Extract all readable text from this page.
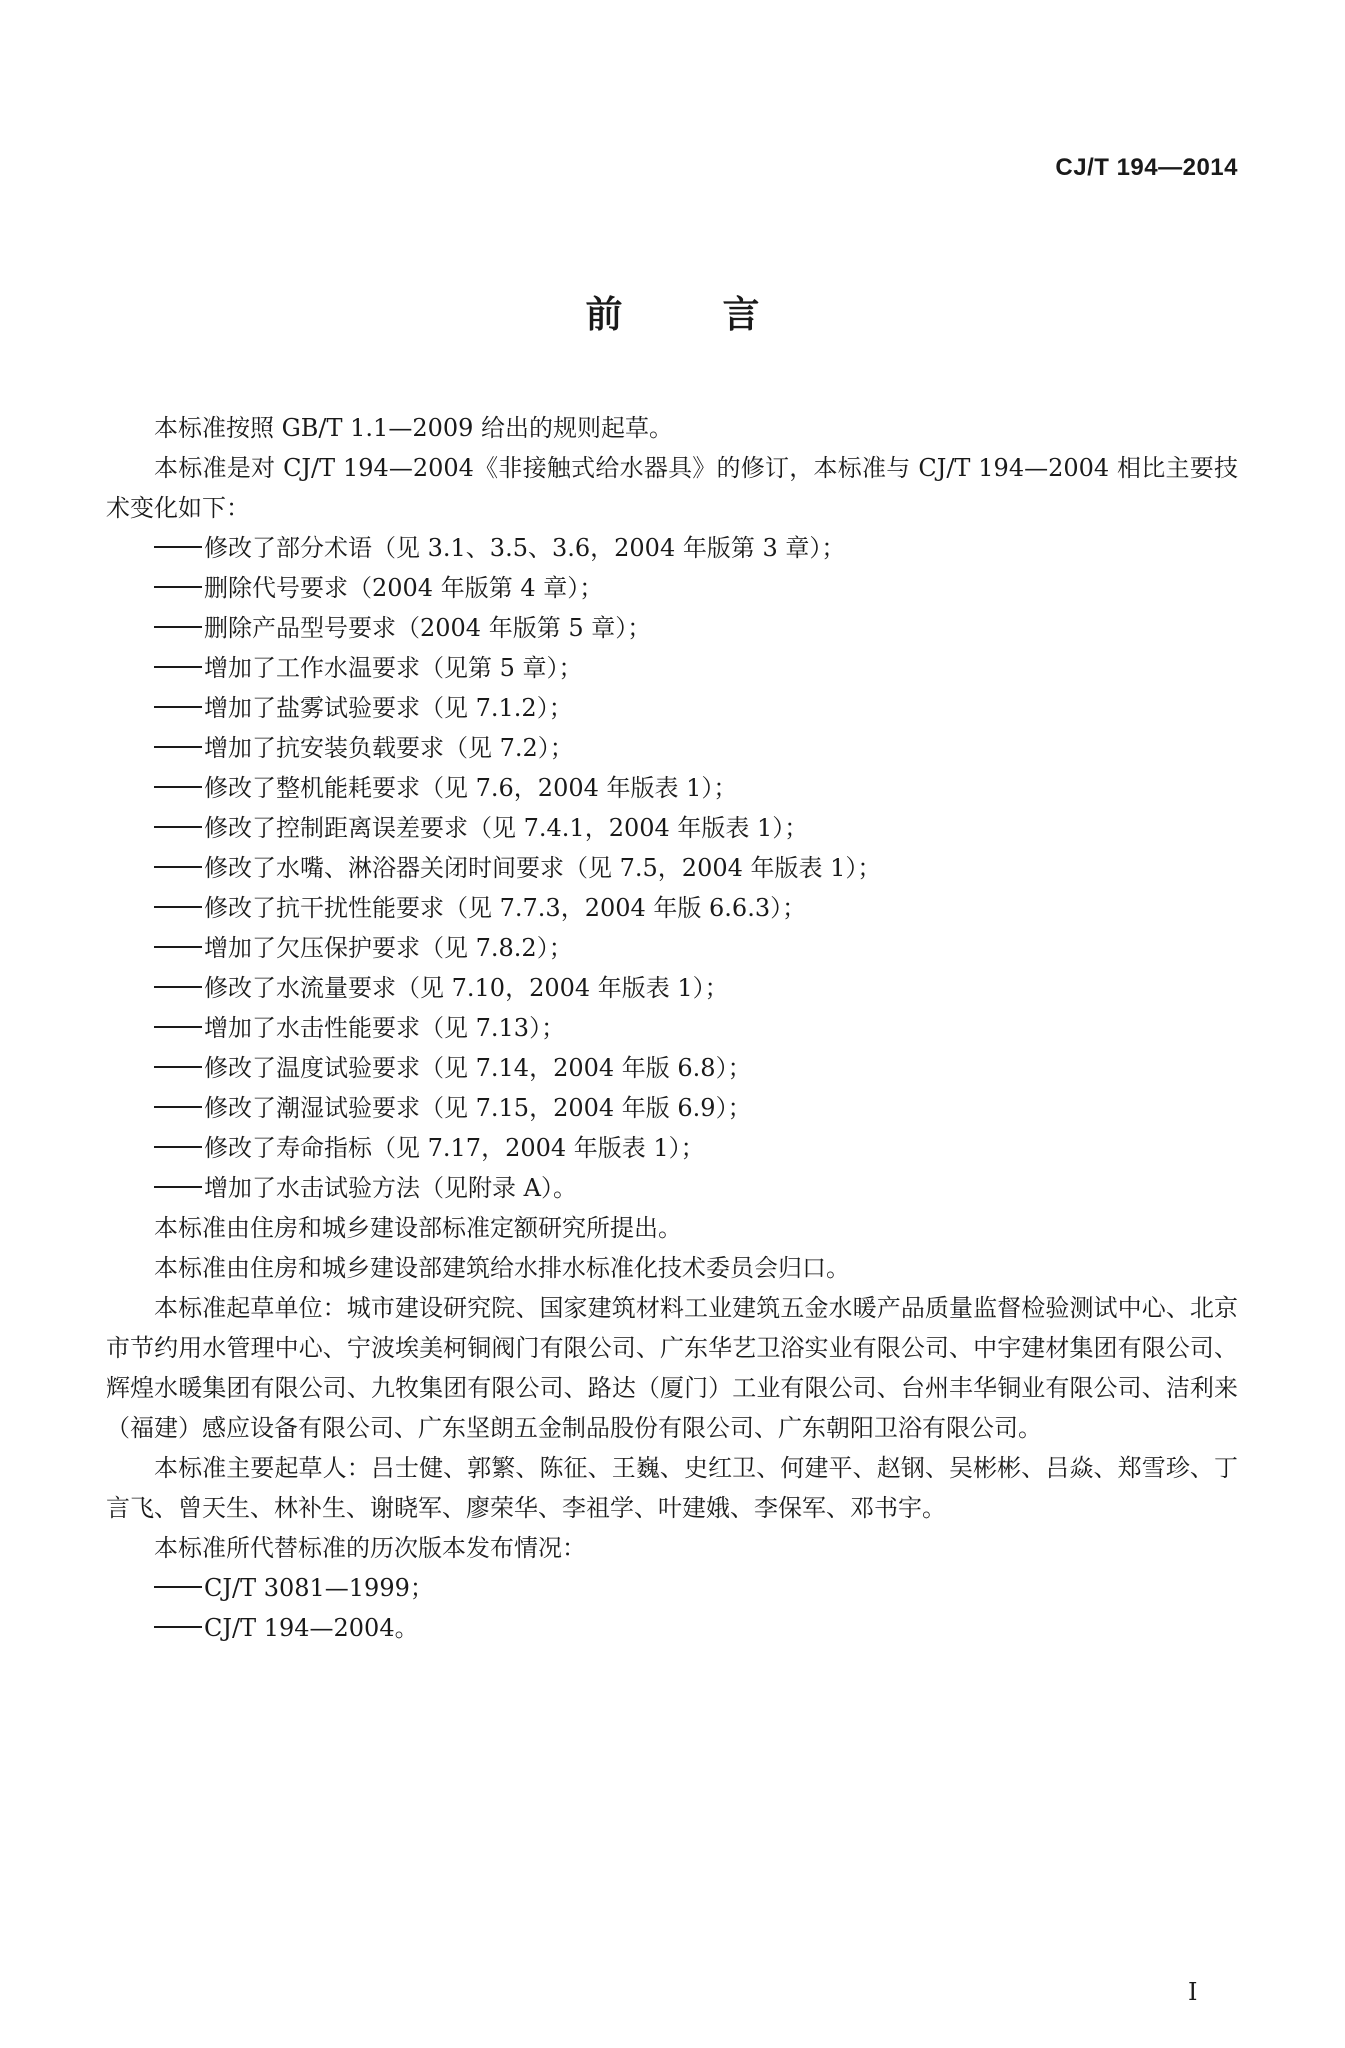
CJ/T 194—2014
前言

本标准按照 GB/T 1.1—2009 给出的规则起草。

本标准是对 CJ/T 194—2004《非接触式给水器具》的修订，本标准与 CJ/T 194—2004 相比主要技术变化如下：

修改了部分术语（见 3.1、3.5、3.6，2004 年版第 3 章）；

删除代号要求（2004 年版第 4 章）；

删除产品型号要求（2004 年版第 5 章）；

增加了工作水温要求（见第 5 章）；

增加了盐雾试验要求（见 7.1.2）；

增加了抗安装负载要求（见 7.2）；

修改了整机能耗要求（见 7.6，2004 年版表 1）；

修改了控制距离误差要求（见 7.4.1，2004 年版表 1）；

修改了水嘴、淋浴器关闭时间要求（见 7.5，2004 年版表 1）；

修改了抗干扰性能要求（见 7.7.3，2004 年版 6.6.3）；

增加了欠压保护要求（见 7.8.2）；

修改了水流量要求（见 7.10，2004 年版表 1）；

增加了水击性能要求（见 7.13）；

修改了温度试验要求（见 7.14，2004 年版 6.8）；

修改了潮湿试验要求（见 7.15，2004 年版 6.9）；

修改了寿命指标（见 7.17，2004 年版表 1）；

增加了水击试验方法（见附录 A）。

本标准由住房和城乡建设部标准定额研究所提出。

本标准由住房和城乡建设部建筑给水排水标准化技术委员会归口。

本标准起草单位：城市建设研究院、国家建筑材料工业建筑五金水暖产品质量监督检验测试中心、北京市节约用水管理中心、宁波埃美柯铜阀门有限公司、广东华艺卫浴实业有限公司、中宇建材集团有限公司、辉煌水暖集团有限公司、九牧集团有限公司、路达（厦门）工业有限公司、台州丰华铜业有限公司、洁利来（福建）感应设备有限公司、广东坚朗五金制品股份有限公司、广东朝阳卫浴有限公司。

本标准主要起草人：吕士健、郭繁、陈征、王巍、史红卫、何建平、赵钢、吴彬彬、吕焱、郑雪珍、丁言飞、曾天生、林补生、谢晓军、廖荣华、李祖学、叶建娥、李保军、邓书宇。

本标准所代替标准的历次版本发布情况：

CJ/T 3081—1999；

CJ/T 194—2004。

I
